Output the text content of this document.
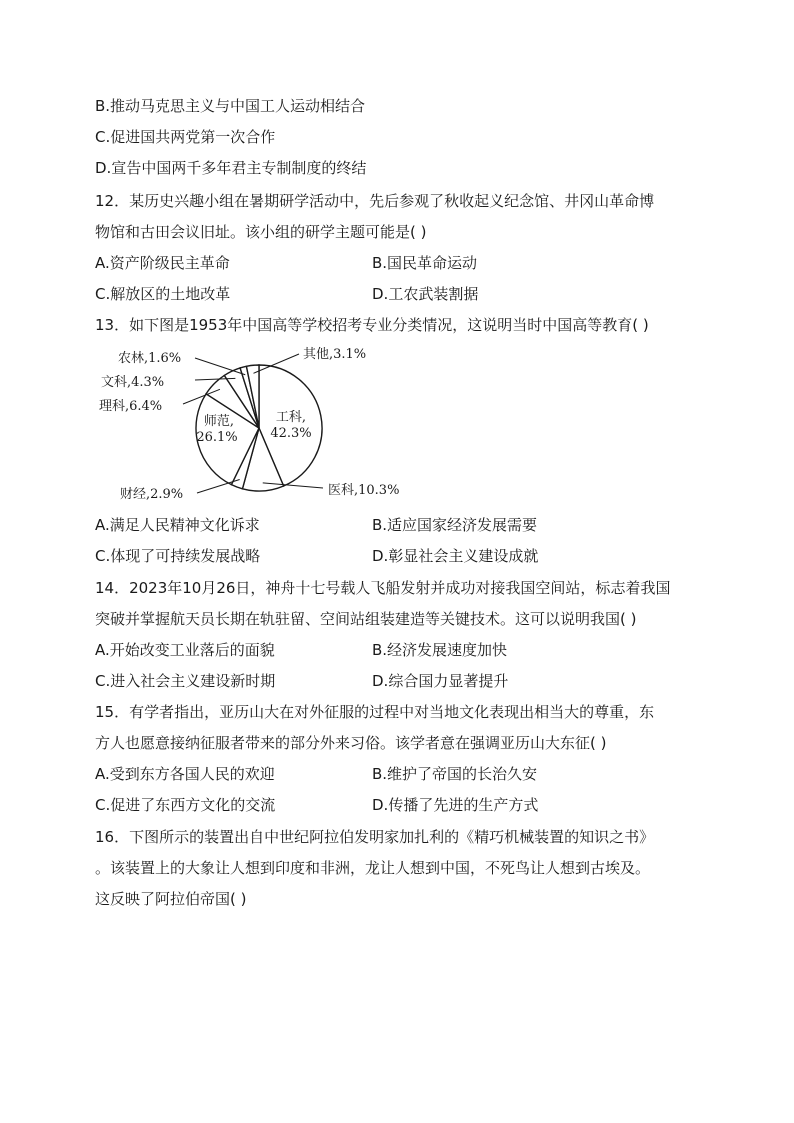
B.推动马克思主义与中国工人运动相结合
C.促进国共两党第一次合作
D.宣告中国两千多年君主专制制度的终结
12．某历史兴趣小组在暑期研学活动中，先后参观了秋收起义纪念馆、井冈山革命博
物馆和古田会议旧址。该小组的研学主题可能是( )
A.资产阶级民主革命	B.国民革命运动
C.解放区的土地改革	D.工农武装割据
13．如下图是1953年中国高等学校招考专业分类情况，这说明当时中国高等教育( )
工科,
42.3%
医科,10.3%
财经,2.9%
师范,
26.1%
理科,6.4%
文科,4.3%
农林,1.6%	其他,3.1%
A.满足人民精神文化诉求	B.适应国家经济发展需要
C.体现了可持续发展战略	D.彰显社会主义建设成就
14．2023年10月26日，神舟十七号载人飞船发射并成功对接我国空间站，标志着我国
突破并掌握航天员长期在轨驻留、空间站组装建造等关键技术。这可以说明我国( )
A.开始改变工业落后的面貌	B.经济发展速度加快
C.进入社会主义建设新时期	D.综合国力显著提升
15．有学者指出，亚历山大在对外征服的过程中对当地文化表现出相当大的尊重，东
方人也愿意接纳征服者带来的部分外来习俗。该学者意在强调亚历山大东征( )
A.受到东方各国人民的欢迎	B.维护了帝国的长治久安
C.促进了东西方文化的交流	D.传播了先进的生产方式
16．下图所示的装置出自中世纪阿拉伯发明家加扎利的《精巧机械装置的知识之书》
。该装置上的大象让人想到印度和非洲，龙让人想到中国，不死鸟让人想到古埃及。
这反映了阿拉伯帝国( )
